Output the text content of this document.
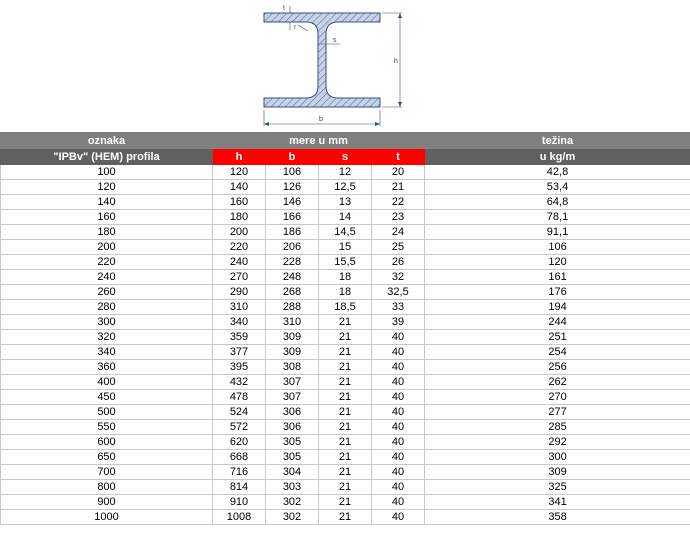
h
b
t
r
s
oznaka	mere u mm				težina
"IPBv" (HEM) profila	h	b	s	t	u kg/m
100	120	106	12	20	42,8
120	140	126	12,5	21	53,4
140	160	146	13	22	64,8
160	180	166	14	23	78,1
180	200	186	14,5	24	91,1
200	220	206	15	25	106
220	240	228	15,5	26	120
240	270	248	18	32	161
260	290	268	18	32,5	176
280	310	288	18,5	33	194
300	340	310	21	39	244
320	359	309	21	40	251
340	377	309	21	40	254
360	395	308	21	40	256
400	432	307	21	40	262
450	478	307	21	40	270
500	524	306	21	40	277
550	572	306	21	40	285
600	620	305	21	40	292
650	668	305	21	40	300
700	716	304	21	40	309
800	814	303	21	40	325
900	910	302	21	40	341
1000	1008	302	21	40	358
